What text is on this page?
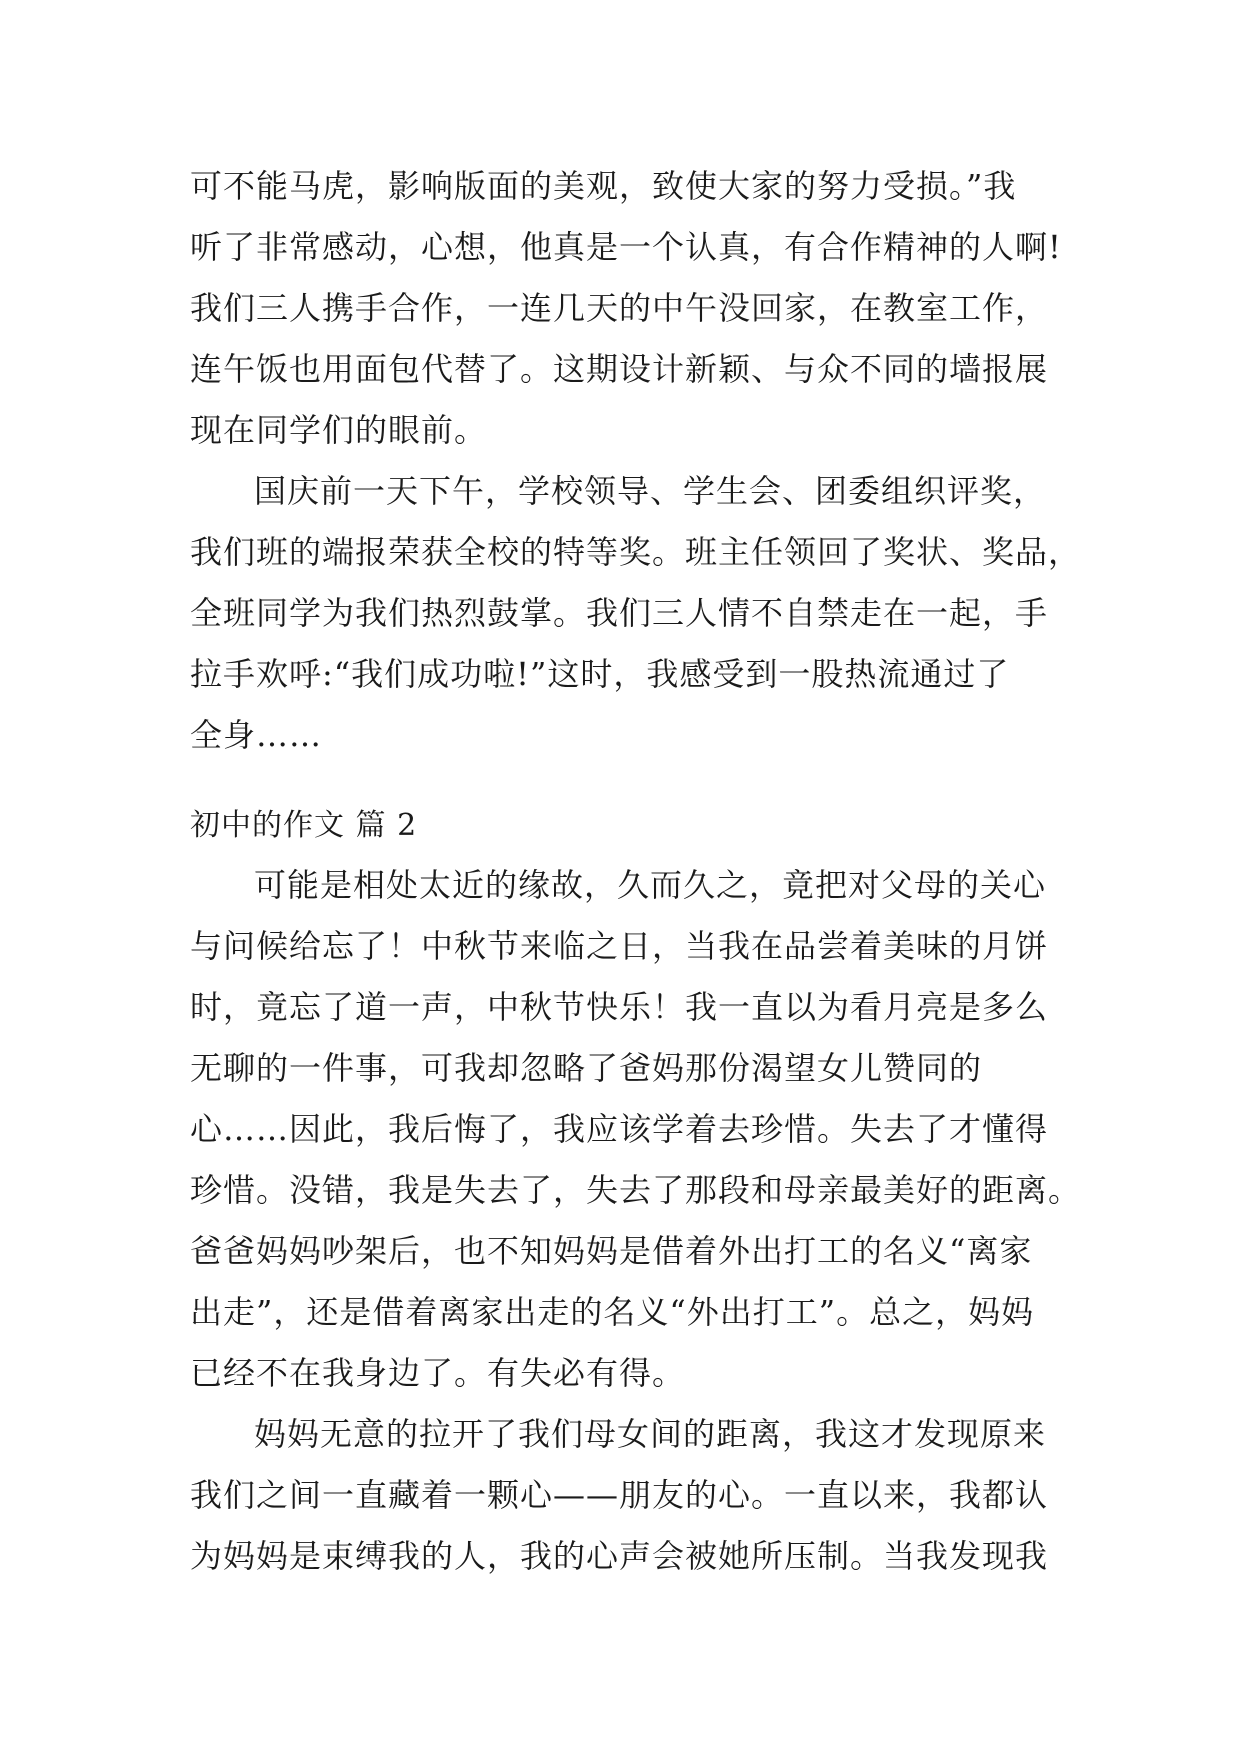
可不能马虎，影响版面的美观，致使大家的努力受损。”我
听了非常感动，心想，他真是一个认真，有合作精神的人啊!
我们三人携手合作，一连几天的中午没回家，在教室工作，
连午饭也用面包代替了。这期设计新颖、与众不同的墙报展
现在同学们的眼前。
国庆前一天下午，学校领导、学生会、团委组织评奖，
我们班的端报荣获全校的特等奖。班主任领回了奖状、奖品，
全班同学为我们热烈鼓掌。我们三人情不自禁走在一起，手
拉手欢呼:“我们成功啦!”这时，我感受到一股热流通过了
全身……
初中的作文 篇 2
可能是相处太近的缘故，久而久之，竟把对父母的关心
与问候给忘了！中秋节来临之日，当我在品尝着美味的月饼
时，竟忘了道一声，中秋节快乐！我一直以为看月亮是多么
无聊的一件事，可我却忽略了爸妈那份渴望女儿赞同的
心……因此，我后悔了，我应该学着去珍惜。失去了才懂得
珍惜。没错，我是失去了，失去了那段和母亲最美好的距离。
爸爸妈妈吵架后，也不知妈妈是借着外出打工的名义“离家
出走”，还是借着离家出走的名义“外出打工”。总之，妈妈
已经不在我身边了。有失必有得。
妈妈无意的拉开了我们母女间的距离，我这才发现原来
我们之间一直藏着一颗心——朋友的心。一直以来，我都认
为妈妈是束缚我的人，我的心声会被她所压制。当我发现我
